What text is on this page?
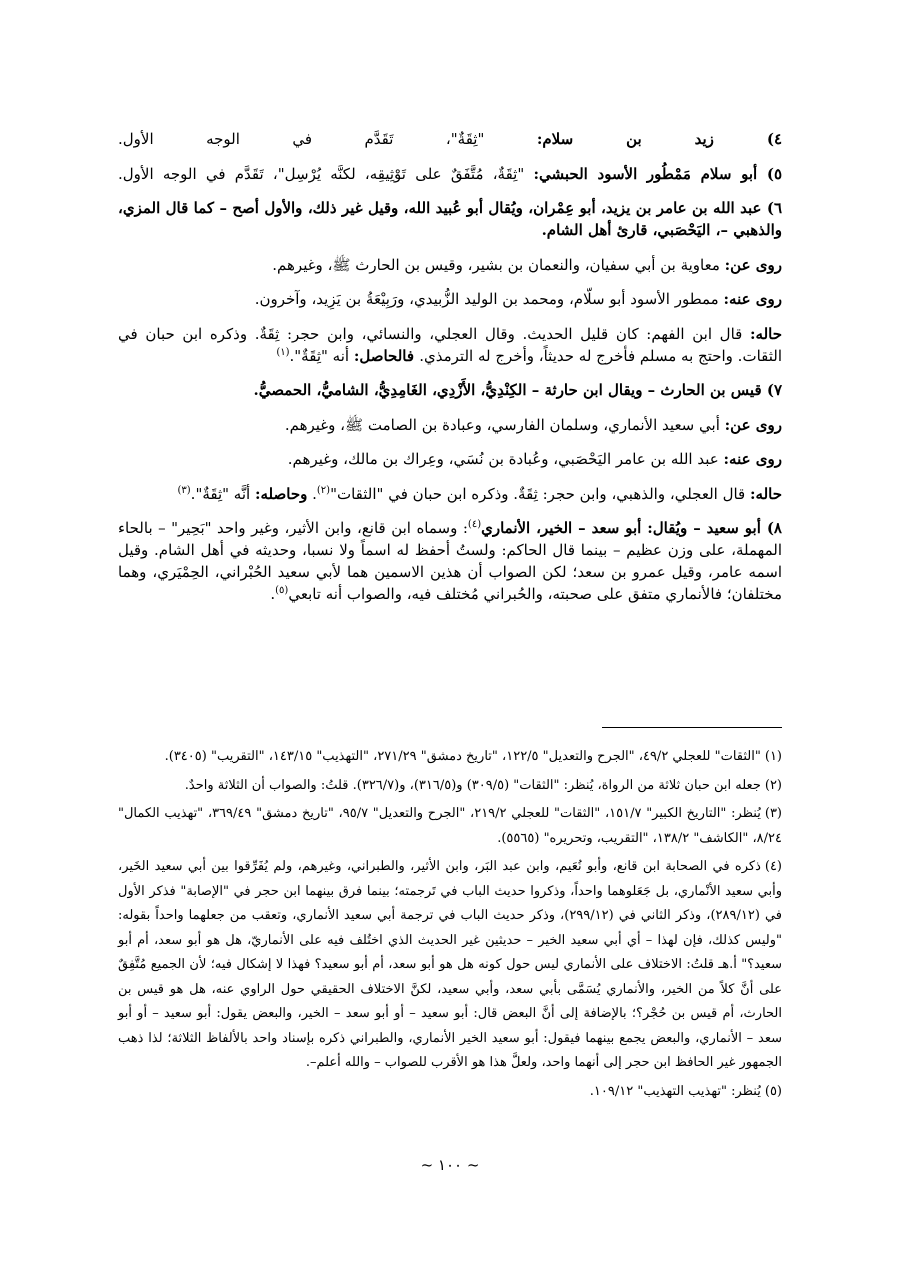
٤) زيد بن سلام: "ثِقَةٌ"، تَقَدَّم في الوجه الأول.

٥) أبو سلام مَمْطُور الأسود الحبشي: "ثِقَةٌ، مُتَّفَقٌ على تَوْثِيقِه، لكنَّه يُرْسِل"، تَقَدَّم في الوجه الأول.

٦) عبد الله بن عامر بن يزيد، أبو عِمْران، ويُقال أبو عُبيد الله، وقيل غير ذلك، والأول أصح – كما قال المزي، والذهبي –، اليَحْصَبي، قارئ أهل الشام.

روى عن: معاوية بن أبي سفيان، والنعمان بن بشير، وقيس بن الحارث ﷺ، وغيرهم.

روى عنه: ممطور الأسود أبو سلّام، ومحمد بن الوليد الزُّبيدي، ورَبِيْعَةُ بن يَزِيد، وآخرون.

حاله: قال ابن الفهم: كان قليل الحديث. وقال العجلي، والنسائي، وابن حجر: ثِقَةٌ. وذكره ابن حبان في الثقات. واحتج به مسلم فأخرج له حديثاً، وأخرج له الترمذي. فالحاصل: أنه "ثِقَةٌ".$^{(١)}$

٧) قيس بن الحارث – ويقال ابن حارثة – الكِنْدِيُّ، الأَزْدِي، الغَامِدِيُّ، الشاميُّ، الحمصيُّ.

روى عن: أبي سعيد الأنماري، وسلمان الفارسي، وعبادة بن الصامت ﷺ، وغيرهم.

روى عنه: عبد الله بن عامر اليَحْصَبي، وعُبادة بن نُسَي، وعِراك بن مالك، وغيرهم.

حاله: قال العجلي، والذهبي، وابن حجر: ثِقَةٌ. وذكره ابن حبان في "الثقات"$^{(٢)}$. وحاصله: أنَّه "ثِقَةٌ".$^{(٣)}$

٨) أبو سعيد – ويُقال: أبو سعد – الخير، الأنماري$^{(٤)}$: وسماه ابن قانع، وابن الأثير، وغير واحد "بَحِير" – بالحاء المهملة، على وزن عظيم – بينما قال الحاكم: ولستُ أحفظ له اسماً ولا نسبا، وحديثه في أهل الشام. وقيل اسمه عامر، وقيل عمرو بن سعد؛ لكن الصواب أن هذين الاسمين هما لأبي سعيد الحُبْراني، الحِمْيَري، وهما مختلفان؛ فالأنماري متفق على صحبته، والحُبراني مُختلف فيه، والصواب أنه تابعي$^{(٥)}$.

(١)"الثقات" للعجلي ٤٩/٢، "الجرح والتعديل" ١٢٢/٥، "تاريخ دمشق" ٢٧١/٢٩، "التهذيب" ١٤٣/١٥، "التقريب" (٣٤٠٥).

(٢)جعله ابن حبان ثلاثة من الرواة، يُنظر: "الثقات" (٣٠٩/٥) و(٣١٦/٥)، و(٣٢٦/٧). قلتُ: والصواب أن الثلاثة واحدٌ.

(٣)يُنظر: "التاريخ الكبير" ١٥١/٧، "الثقات" للعجلي ٢١٩/٢، "الجرح والتعديل" ٩٥/٧، "تاريخ دمشق" ٣٦٩/٤٩، "تهذيب الكمال" ٨/٢٤، "الكاشف" ١٣٨/٢، "التقريب، وتحريره" (٥٥٦٥).

(٤)ذكره في الصحابة ابن قانع، وأبو نُعَيم، وابن عبد البَر، وابن الأثير، والطبراني، وغيرهم، ولم يُفَرِّقوا بين أبي سعيد الخَير، وأبي سعيد الأنْماري، بل جَعَلوهما واحداً، وذكروا حديث الباب في تَرجمته؛ بينما فرق بينهما ابن حجر في "الإصابة" فذكر الأول في (٢٨٩/١٢)، وذكر الثاني في (٢٩٩/١٢)، وذكر حديث الباب في ترجمة أبي سعيد الأنماري، وتعقب من جعلهما واحداً بقوله: "وليس كذلك، فإن لهذا – أي أبي سعيد الخير – حديثين غير الحديث الذي اختُلف فيه على الأنماريّ، هل هو أبو سعد، أم أبو سعيد؟" أ.هـ قلتُ: الاختلاف على الأنماري ليس حول كونه هل هو أبو سعد، أم أبو سعيد؟ فهذا لا إشكال فيه؛ لأن الجميع مُتَّفِقٌ على أنَّ كلاً من الخير، والأنماري يُسَمَّى بأبي سعد، وأبي سعيد، لكنَّ الاختلاف الحقيقي حول الراوي عنه، هل هو قيس بن الحارث، أم قيس بن حُجْر؟؛ بالإضافة إلى أنَّ البعض قال: أبو سعيد – أو أبو سعد – الخير، والبعض يقول: أبو سعيد – أو أبو سعد – الأنماري، والبعض يجمع بينهما فيقول: أبو سعيد الخير الأنماري، والطبراني ذكره بإسناد واحد بالألفاظ الثلاثة؛ لذا ذهب الجمهور غير الحافظ ابن حجر إلى أنهما واحد، ولعلَّ هذا هو الأقرب للصواب – والله أعلم–.

(٥)يُنظر: "تهذيب التهذيب" ١٠٩/١٢.

~ ١٠٠ ~
